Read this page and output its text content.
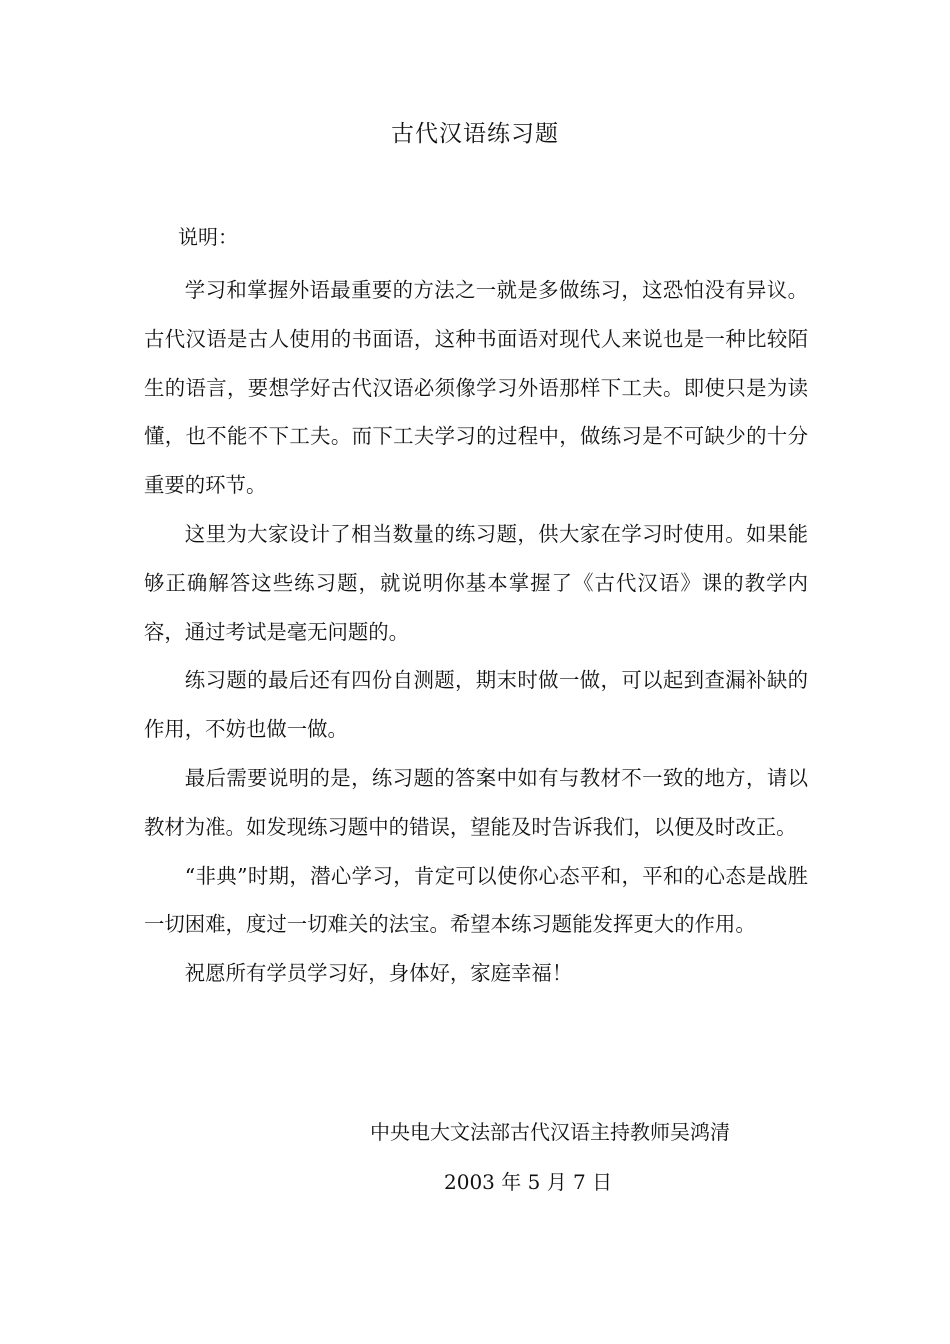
古代汉语练习题
说明：

学习和掌握外语最重要的方法之一就是多做练习，这恐怕没有异议。古代汉语是古人使用的书面语，这种书面语对现代人来说也是一种比较陌生的语言，要想学好古代汉语必须像学习外语那样下工夫。即使只是为读懂，也不能不下工夫。而下工夫学习的过程中，做练习是不可缺少的十分重要的环节。

这里为大家设计了相当数量的练习题，供大家在学习时使用。如果能够正确解答这些练习题，就说明你基本掌握了《古代汉语》课的教学内容，通过考试是毫无问题的。

练习题的最后还有四份自测题，期末时做一做，可以起到查漏补缺的作用，不妨也做一做。

最后需要说明的是，练习题的答案中如有与教材不一致的地方，请以教材为准。如发现练习题中的错误，望能及时告诉我们，以便及时改正。

“非典”时期，潜心学习，肯定可以使你心态平和，平和的心态是战胜一切困难，度过一切难关的法宝。希望本练习题能发挥更大的作用。

祝愿所有学员学习好，身体好，家庭幸福！

中央电大文法部古代汉语主持教师吴鸿清
2003 年 5 月 7 日
